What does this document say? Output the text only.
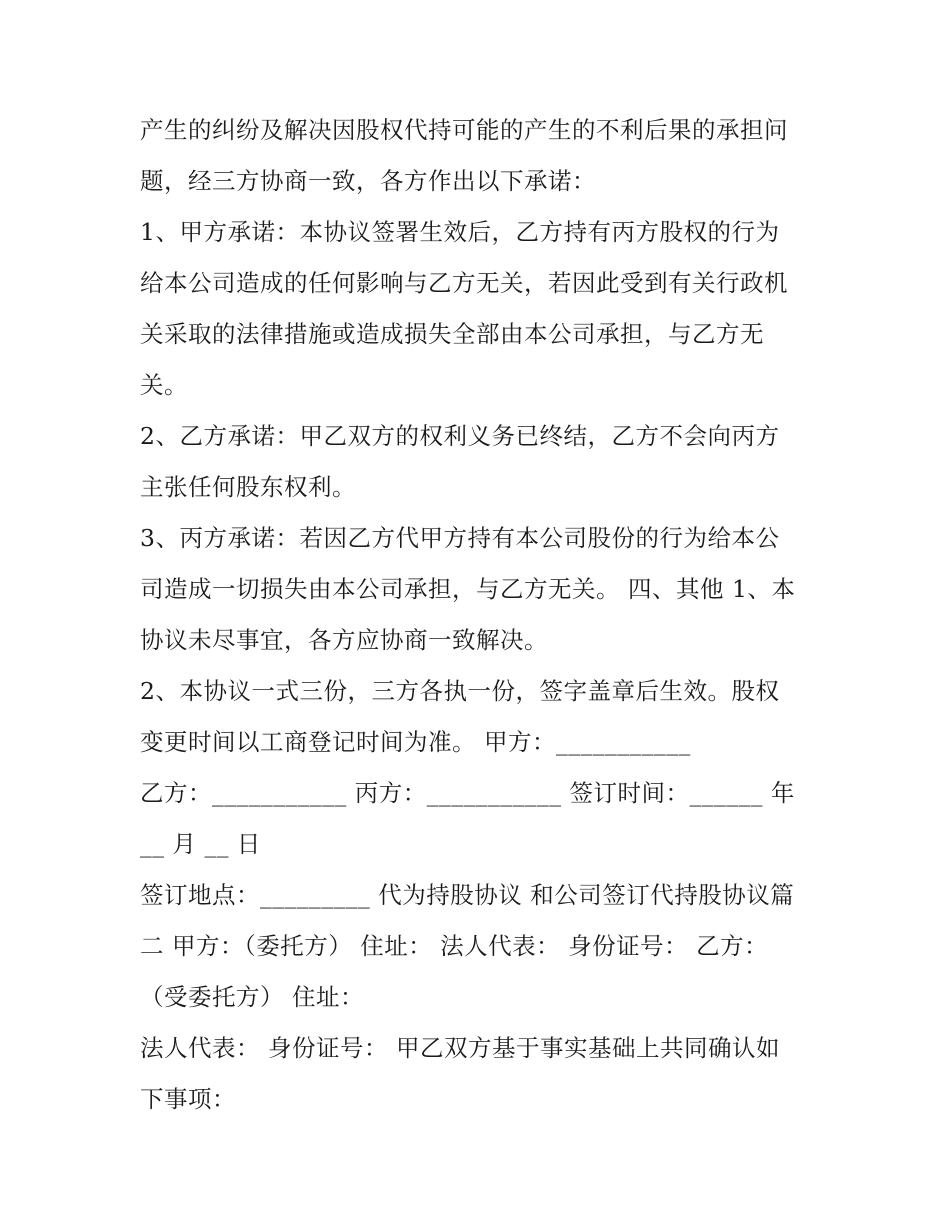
产生的纠纷及解决因股权代持可能的产生的不利后果的承担问
题，经三方协商一致，各方作出以下承诺：
1、甲方承诺：本协议签署生效后，乙方持有丙方股权的行为
给本公司造成的任何影响与乙方无关，若因此受到有关行政机
关采取的法律措施或造成损失全部由本公司承担，与乙方无
关。
2、乙方承诺：甲乙双方的权利义务已终结，乙方不会向丙方
主张任何股东权利。
3、丙方承诺：若因乙方代甲方持有本公司股份的行为给本公
司造成一切损失由本公司承担，与乙方无关。 四、其他 1、本
协议未尽事宜，各方应协商一致解决。
2、本协议一式三份，三方各执一份，签字盖章后生效。股权
变更时间以工商登记时间为准。 甲方：___________
乙方：___________ 丙方：___________ 签订时间：______ 年
__ 月 __ 日
签订地点：_________ 代为持股协议 和公司签订代持股协议篇
二 甲方：（委托方） 住址： 法人代表： 身份证号： 乙方：
（受委托方） 住址：
法人代表： 身份证号： 甲乙双方基于事实基础上共同确认如
下事项：
